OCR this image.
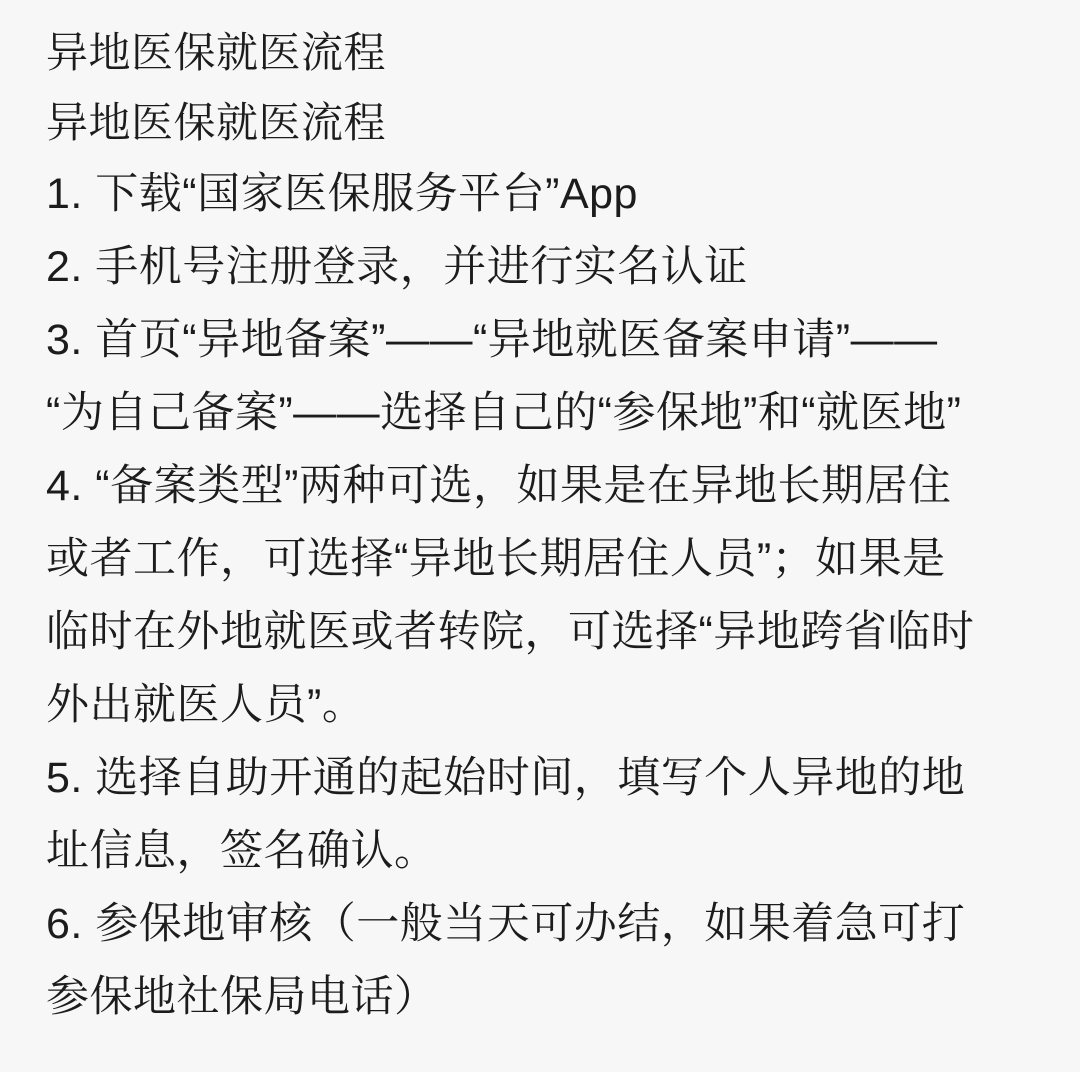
异地医保就医流程
异地医保就医流程
1. 下载“国家医保服务平台”App
2. 手机号注册登录，并进行实名认证
3. 首页“异地备案”——“异地就医备案申请”——
“为自己备案”——选择自己的“参保地”和“就医地”
4. “备案类型”两种可选，如果是在异地长期居住
或者工作，可选择“异地长期居住人员”；如果是
临时在外地就医或者转院，可选择“异地跨省临时
外出就医人员”。
5. 选择自助开通的起始时间，填写个人异地的地
址信息，签名确认。
6. 参保地审核（一般当天可办结，如果着急可打
参保地社保局电话）
